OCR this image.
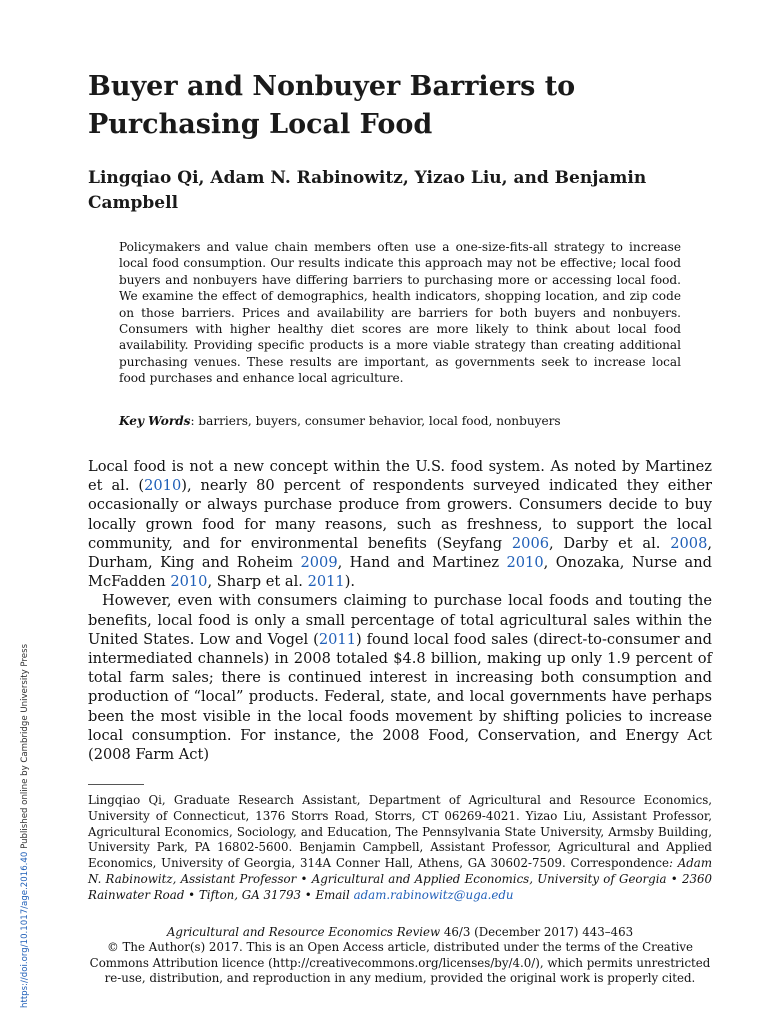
Buyer and Nonbuyer Barriers to Purchasing Local Food
Lingqiao Qi, Adam N. Rabinowitz, Yizao Liu, and Benjamin Campbell

Policymakers and value chain members often use a one-size-fits-all strategy to increase local food consumption. Our results indicate this approach may not be effective; local food buyers and nonbuyers have differing barriers to purchasing more or accessing local food. We examine the effect of demographics, health indicators, shopping location, and zip code on those barriers. Prices and availability are barriers for both buyers and nonbuyers. Consumers with higher healthy diet scores are more likely to think about local food availability. Providing specific products is a more viable strategy than creating additional purchasing venues. These results are important, as governments seek to increase local food purchases and enhance local agriculture.

Key Words: barriers, buyers, consumer behavior, local food, nonbuyers

Local food is not a new concept within the U.S. food system. As noted by Martinez et al. (2010), nearly 80 percent of respondents surveyed indicated they either occasionally or always purchase produce from growers. Consumers decide to buy locally grown food for many reasons, such as freshness, to support the local community, and for environmental benefits (Seyfang 2006, Darby et al. 2008, Durham, King and Roheim 2009, Hand and Martinez 2010, Onozaka, Nurse and McFadden 2010, Sharp et al. 2011).

However, even with consumers claiming to purchase local foods and touting the benefits, local food is only a small percentage of total agricultural sales within the United States. Low and Vogel (2011) found local food sales (direct-to-consumer and intermediated channels) in 2008 totaled $4.8 billion, making up only 1.9 percent of total farm sales; there is continued interest in increasing both consumption and production of “local” products. Federal, state, and local governments have perhaps been the most visible in the local foods movement by shifting policies to increase local consumption. For instance, the 2008 Food, Conservation, and Energy Act (2008 Farm Act)

Lingqiao Qi, Graduate Research Assistant, Department of Agricultural and Resource Economics, University of Connecticut, 1376 Storrs Road, Storrs, CT 06269-4021. Yizao Liu, Assistant Professor, Agricultural Economics, Sociology, and Education, The Pennsylvania State University, Armsby Building, University Park, PA 16802-5600. Benjamin Campbell, Assistant Professor, Agricultural and Applied Economics, University of Georgia, 314A Conner Hall, Athens, GA 30602-7509. Correspondence: Adam N. Rabinowitz, Assistant Professor • Agricultural and Applied Economics, University of Georgia • 2360 Rainwater Road • Tifton, GA 31793 • Email adam.rabinowitz@uga.edu

Agricultural and Resource Economics Review 46/3 (December 2017) 443–463
© The Author(s) 2017. This is an Open Access article, distributed under the terms of the Creative Commons Attribution licence (http://creativecommons.org/licenses/by/4.0/), which permits unrestricted re-use, distribution, and reproduction in any medium, provided the original work is properly cited.

https://doi.org/10.1017/age.2016.40 Published online by Cambridge University Press
